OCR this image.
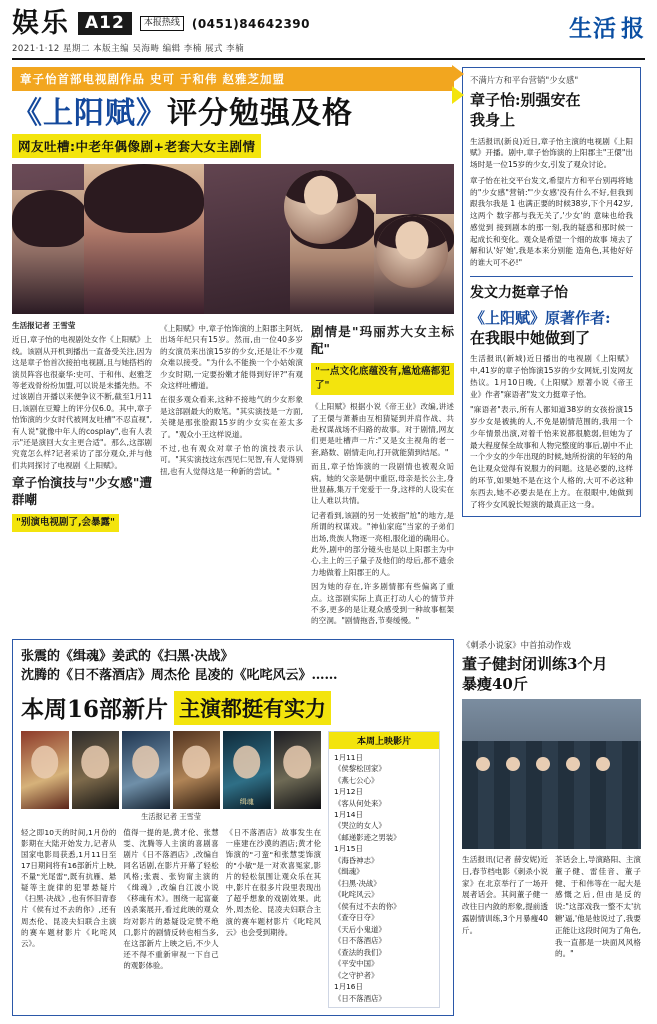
娱乐 A12	本报热线	(0451)84642390
2021·1·12 星期二 本版主编 吴海畴 编辑 李楠 展式 李楠
生活 报
章子怡首部电视剧作品 史可 于和伟 赵雅芝加盟
《上阳赋》评分勉强及格
网友吐槽:中老年偶像剧+老套大女主剧情
生活报记者 王雪莹

近日,章子怡的电视剧处女作《上阳赋》上线。该剧从开机到播出一直备受关注,因为这是章子怡首次接拍电视剧,且与她搭档的演员阵容也很豪华:史可、于和伟、赵雅芝等老戏骨纷纷加盟,可以说是未播先热。不过该剧自开播以来便争议不断,截至1月11日,该剧在豆瓣上的评分仅6.0。其中,章子怡饰演的少女时代被网友吐槽"不忍直视",有人说"就像中年人的cosplay",也有人表示"还是演回大女主更合适"。那么,这部剧究竟怎么样?记者采访了部分观众,并与他们共同探讨了电视剧《上阳赋》。

章子怡演技与"少女感"遭群嘲
"别演电视剧了,会暴露"

《上阳赋》中,章子怡饰演的上阳郡主阿妩,出场年纪只有15岁。然而,由一位40多岁的女演员来出演15岁的少女,还是让不少观众难以接受。"为什么不能换一个小姑娘演少女时期,一定要扮嫩才能得到好评?"有观众这样吐槽道。

在很多观众看来,这种不接地气的少女形象是这部剧最大的败笔。"其实演技是一方面,关键是那张脸跟15岁的少女实在差太多了。"观众小王这样说道。

不过,也有观众对章子怡的演技表示认可。"其实演技这东西见仁见智,有人觉得别扭,也有人觉得这是一种新的尝试。"

剧情是"玛丽苏大女主标配"
"一点文化底蕴没有,尴尬癌都犯了"

《上阳赋》根据小说《帝王业》改编,讲述了王儇与萧綦由互相猜疑到并肩作战、共赴权谋战场不归路的故事。对于剧情,网友们更是吐槽声一片:"又是女主视角的老一套,路数、剧情走向,打开就能猜到结尾。"

而且,章子怡饰演的一段剧情也被观众诟病。她的父亲是朝中重臣,母亲是长公主,身世显赫,集万千宠爱于一身,这样的人设实在让人难以共情。

记者看到,该剧的另一处被指"尬"的地方,是所谓的权谋戏。"神仙家庭"当家的子弟们出场,贵族人物逐一亮相,服化道的确用心。此外,剧中的部分镜头也是以上阳郡主为中心,主上的三子量子及他们的母后,都不遗余力地做着上阳郡王的人。

因为她的存在,许多剧情都有些偏离了重点。这部剧实际上真正打动人心的情节并不多,更多的是让观众感受到一种故事框架的空洞。"剧情拖沓,节奏缓慢。"

不满片方和平台营销"少女感"
章子怡:别强安在
我身上
生活报讯(新良)近日,章子怡主演的电视剧《上阳赋》开播。剧中,章子怡饰演的上阳郡主"王儇"出场时是一位15岁的少女,引发了观众讨论。
章子怡在社交平台发文,希望片方和平台别再将她的"少女感"营销:"'少女感'没有什么不好,但我到跟我尔我是 1 也满正要的时候38岁,下个月42岁,这两个 数字都与我无关了,'少女'的 意味也给我感觉到 接到剧本的那一刻,我的疑惑和那时候一 起成长和变化。观众是希望一个细的故事 境去了解和认'好'她',我是本来分别能 造角色,其他好好的谁大可不必!"
发文力挺章子怡
《上阳赋》原著作者:
在我眼中她做到了
生活报讯(新城)近日播出的电视剧《上阳赋》中,41岁的章子怡饰演15岁的少女网妩,引发网友热议。1月10日晚,《上阳赋》原著小说《帝王业》作者"寐语者"发文力挺章子怡。
"寐语者"表示,所有人都知道38岁的女孩扮演15岁少女是被挑的人,不免是剧情范围的,我用一个少年情景出演,对着千怡来说都很脆弱,但她为了最大程度保全故事和人物完整度的事后,剧中不止一个少女的少年出现的时候,她所扮演的年轻的角色让观众觉得有说服力的问题。这是必要的,这样的环节,如果她不是在这个人格的,大可不必这种东西去,她不必要去是在上方。在很眼中,她做到了将少女风貌长短演的最真正这一身。
张震的《缉魂》姜武的《扫黑·决战》
沈腾的《日不落酒店》周杰伦 昆凌的《叱咤风云》……
本周16部新片 主演都挺有实力
缉魂
生活报记者 王雪莹
轻之即10天的时间,1月份的影期在大陆开始发力,记者从国家电影局获悉,1月11日至17日期间将有16部新片上映,不量"光尾雷",既有抗雁、悬疑等主旋律的犯罪悬疑片《扫黑·决战》,也有怀旧青春片《侯有过不去的你》,还有周杰伦、昆凌夫妇联合主演的赛车题材影片《叱咤风云》。
值得一提的是,黄才伦、张慧雯、沈腾等人主演的喜剧喜剧片《日不落酒店》,改编自同名话剧,在影片开幕了轻松风格;张震、张钧甯主演的《缉魂》,改编自江波小说《移魂有术》。围绕一起富豪凶杀案展开,看过此映的观众均对影片的悬疑设定赞不绝口,影片的剧情反转也相当多,在这部新片上映之后,不少人还不得不重新审视一下自己的观影体验。
《日不落酒店》故事发生在一座建在沙漠的酒店;黄才伦饰演的"刁蛮"和张慧雯饰演的"小敏"是一对欢喜冤家,影片的轻松氛围让观众乐在其中,影片在很多片段里表现出了超乎想象的戏剧效果。此外,周杰伦、昆凌夫妇联合主演的赛车题材影片《叱咤风云》也会受到期待。
本周上映影片
1月11日
《侯黎松回家》
《燕七公心》
1月12日
《客从何处来》
1月14日
《哭泣的女人》
《邮递影迹之男装》
1月15日
《海昏神志》
《缉魂》
《扫黑·决战》
《叱咤风云》
《侯有过不去的你》
《查夺日夺》
《天后小鬼道》
《日不落酒店》
《查法的我们》
《平安中国》
《之守护者》
1月16日
《日不落酒店》
《刺杀小说家》中首拍动作戏
董子健封闭训练3个月
暴瘦40斤
生活报讯(记者 薛安妮)近日,春节档电影《刺杀小说家》在北京举行了一场开展者话会。其间董子健一改往日内敛的形象,提前透露剧情训练,3个月暴瘦40斤。
茶话会上,导演路阳、主演董子健、雷佳音、董子健、于和伟等在一起大是感慨之后,但由是反的说:"这部戏我一整不太'抗糖'逼,'他是他说过了,我要正能让这段时间为了角色,我一直都是一块面风风格的。"
